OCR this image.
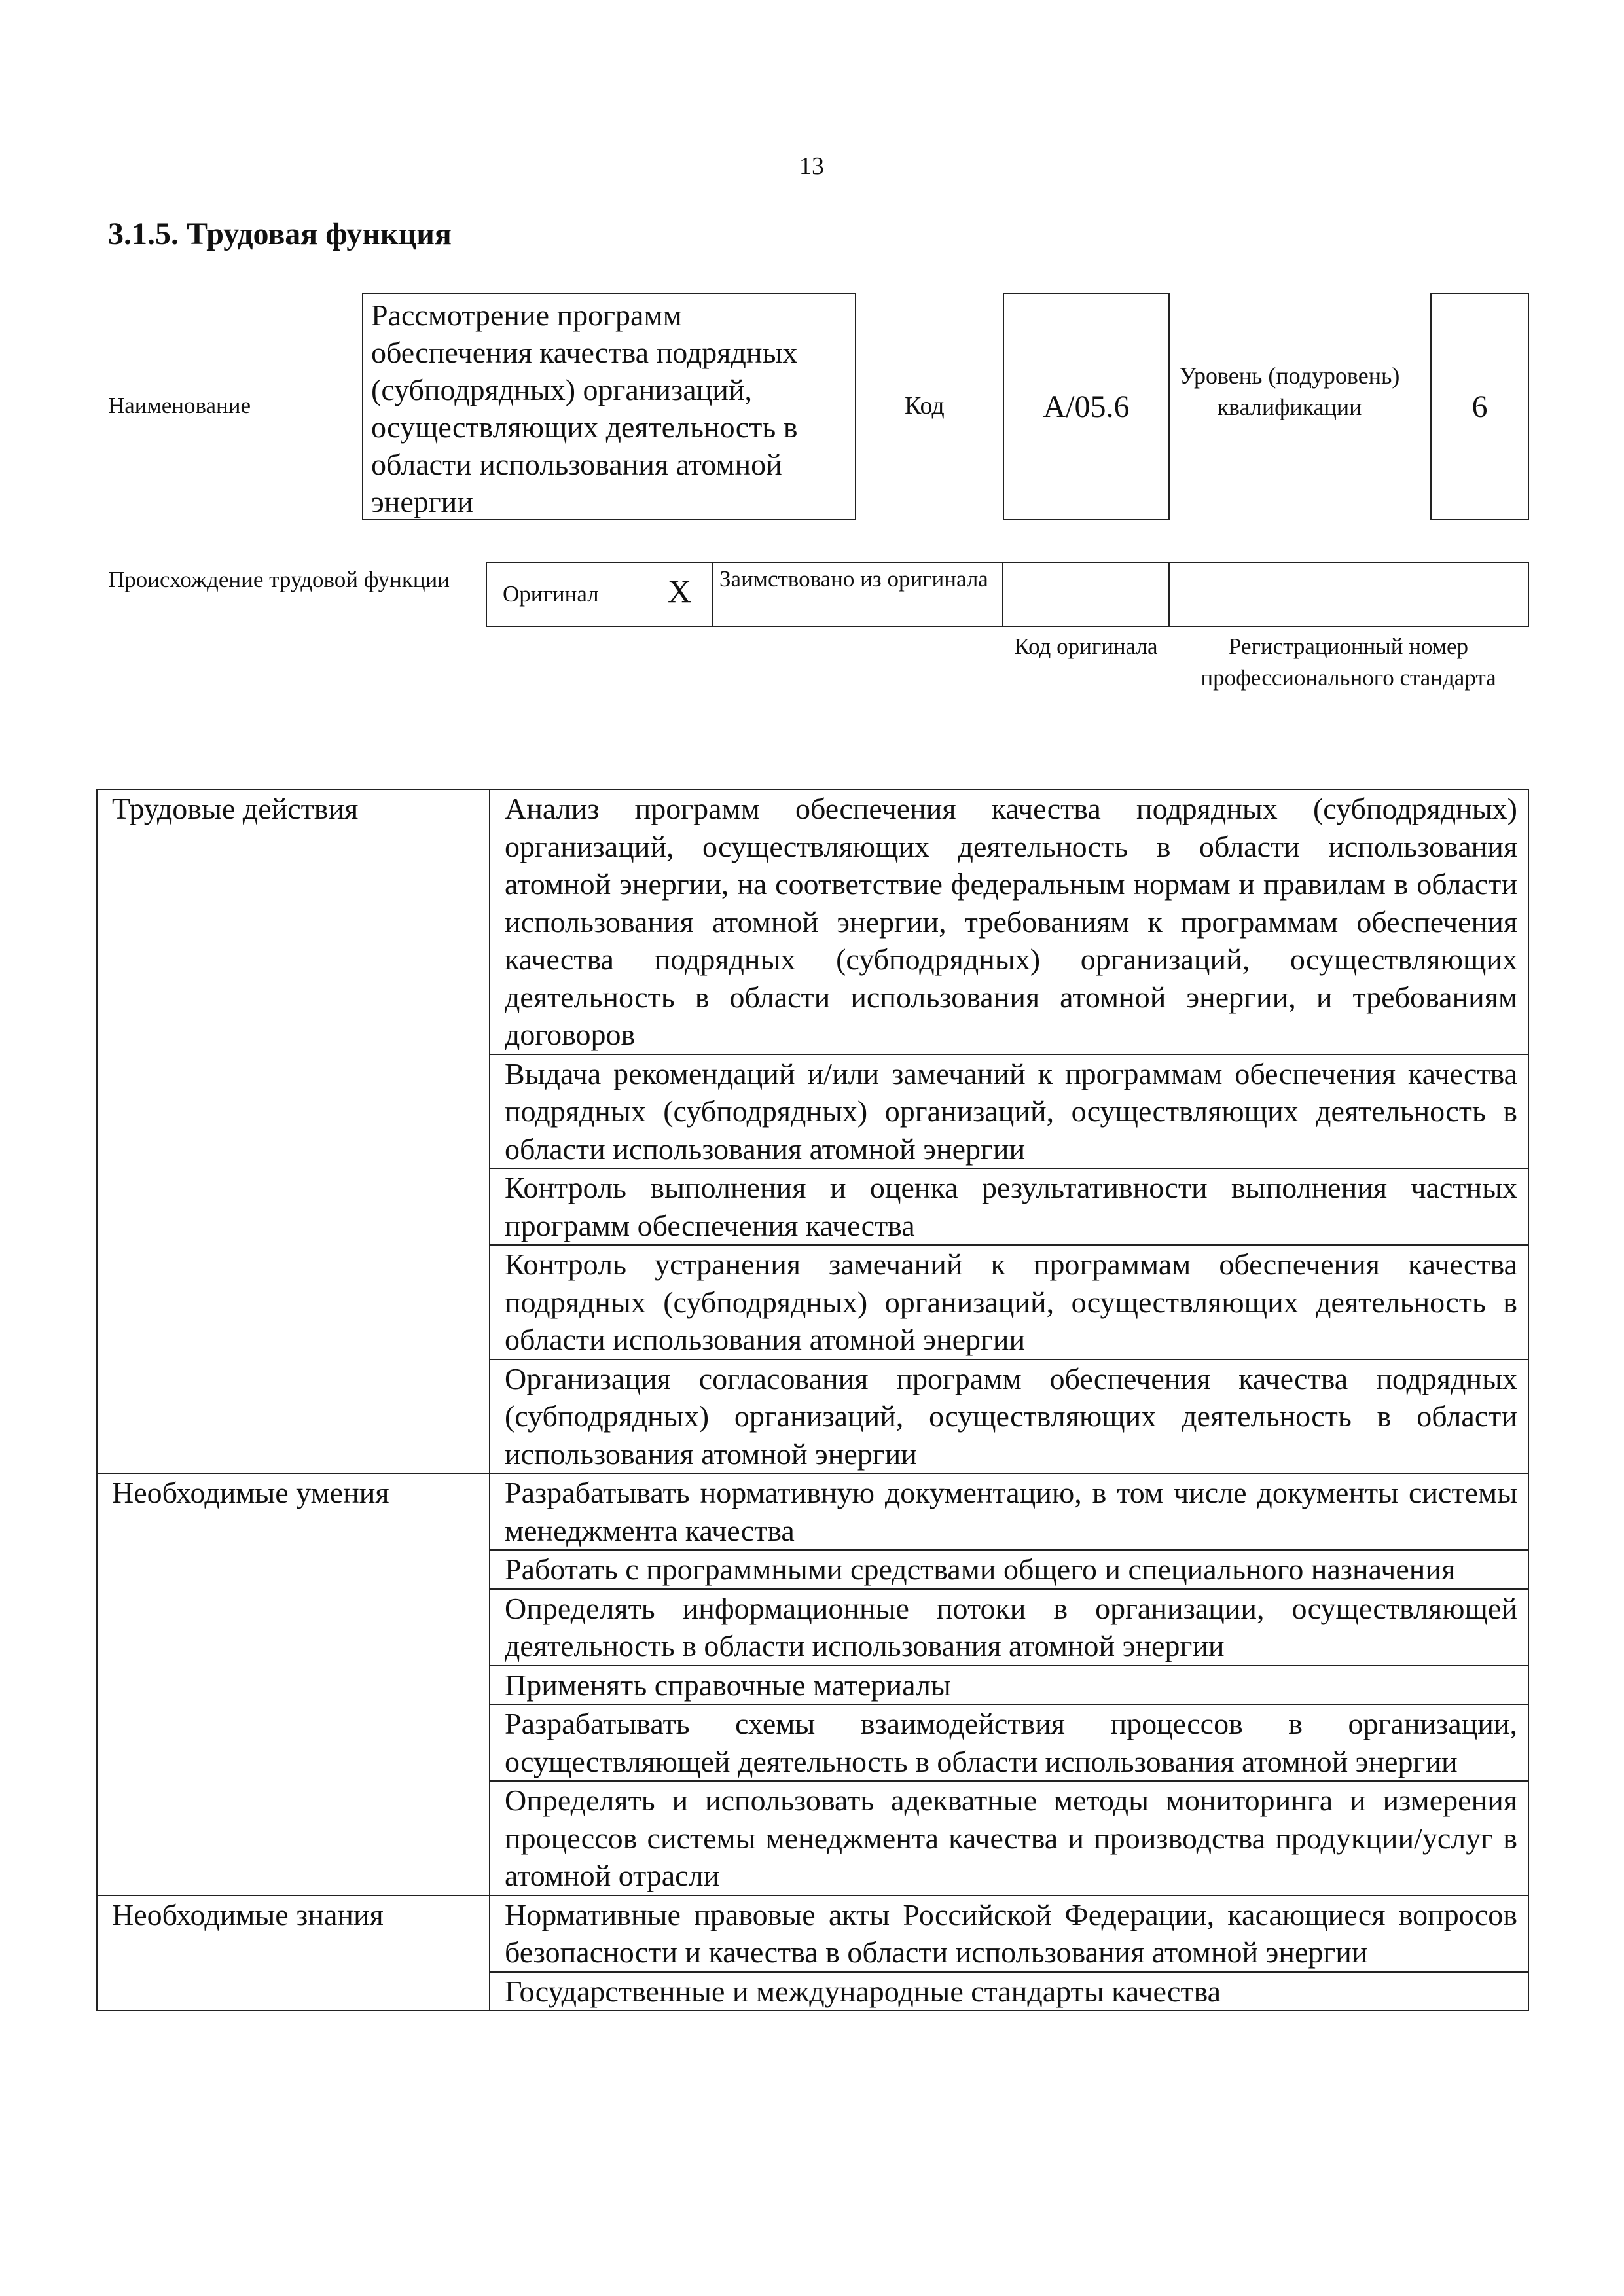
13
3.1.5. Трудовая функция
Наименование
Рассмотрение программ обеспечения качества подрядных (субподрядных) организаций, осуществляющих деятельность в области использования атомной энергии
Код	А/05.6
Уровень (подуровень) квалификации	6
Происхождение трудовой функции
Оригинал X	Заимствовано из оригинала
Код оригинала	Регистрационный номер профессионального стандарта
Трудовые действия	Анализ программ обеспечения качества подрядных (субподрядных) организаций, осуществляющих деятельность в области использования атомной энергии, на соответствие федеральным нормам и правилам в области использования атомной энергии, требованиям к программам обеспечения качества подрядных (субподрядных) организаций, осуществляющих деятельность в области использования атомной энергии, и требованиям договоров
	Выдача рекомендаций и/или замечаний к программам обеспечения качества подрядных (субподрядных) организаций, осуществляющих деятельность в области использования атомной энергии
	Контроль выполнения и оценка результативности выполнения частных программ обеспечения качества
	Контроль устранения замечаний к программам обеспечения качества подрядных (субподрядных) организаций, осуществляющих деятельность в области использования атомной энергии
	Организация согласования программ обеспечения качества подрядных (субподрядных) организаций, осуществляющих деятельность в области использования атомной энергии
Необходимые умения	Разрабатывать нормативную документацию, в том числе документы системы менеджмента качества
	Работать с программными средствами общего и специального назначения
	Определять информационные потоки в организации, осуществляющей деятельность в области использования атомной энергии
	Применять справочные материалы
	Разрабатывать схемы взаимодействия процессов в организации, осуществляющей деятельность в области использования атомной энергии
	Определять и использовать адекватные методы мониторинга и измерения процессов системы менеджмента качества и производства продукции/услуг в атомной отрасли
Необходимые знания	Нормативные правовые акты Российской Федерации, касающиеся вопросов безопасности и качества в области использования атомной энергии
	Государственные и международные стандарты качества
